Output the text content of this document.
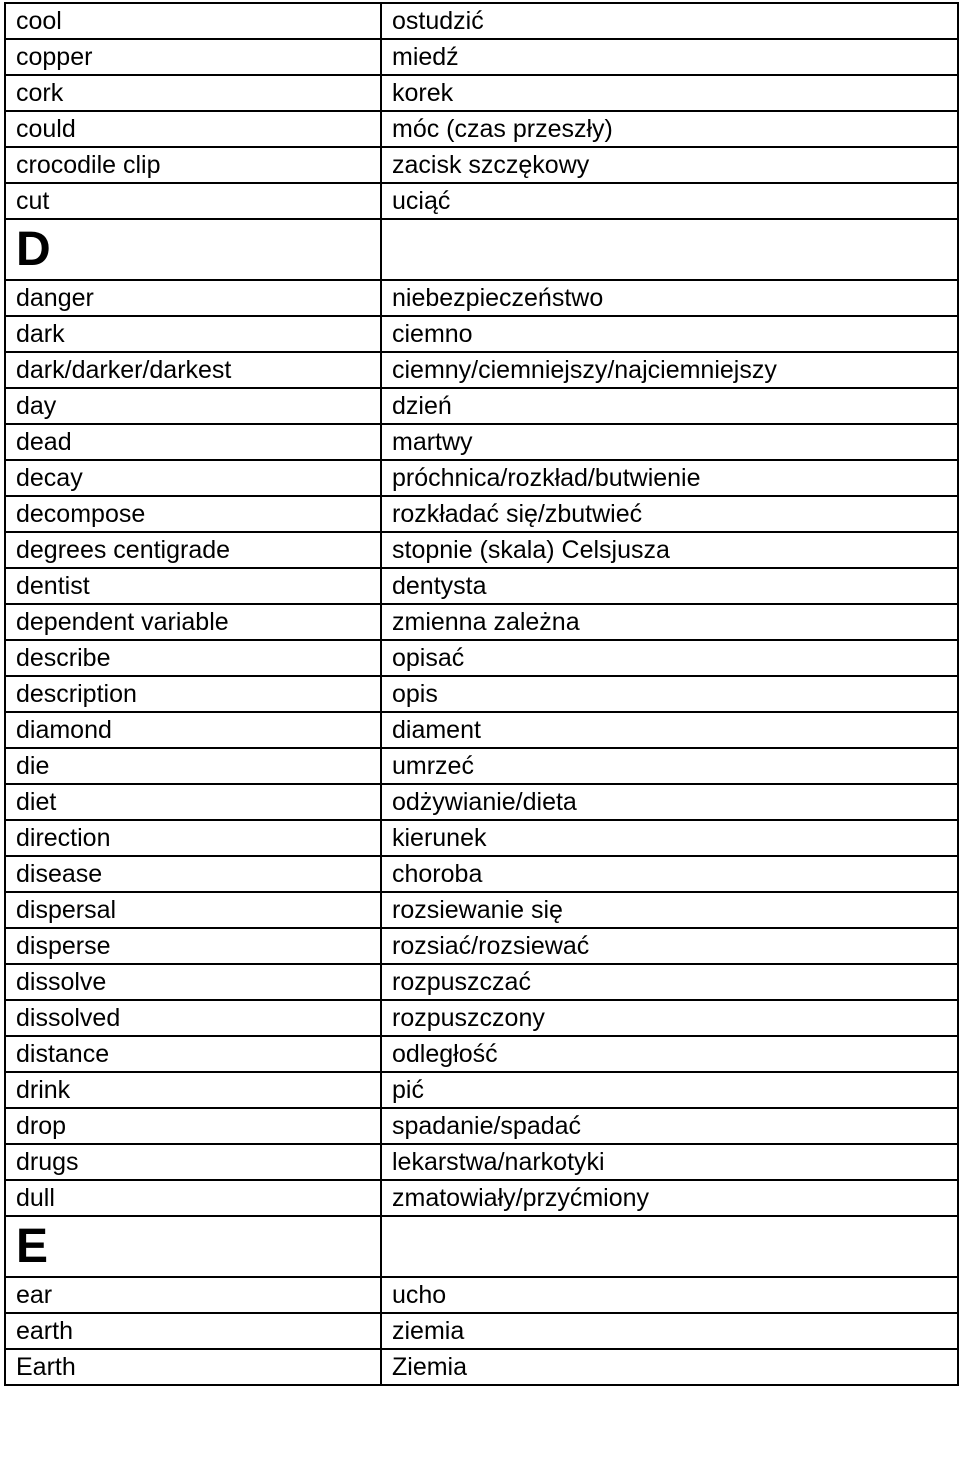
cool	ostudzić
copper	miedź
cork	korek
could	móc (czas przeszły)
crocodile clip	zacisk szczękowy
cut	uciąć
D	
danger	niebezpieczeństwo
dark	ciemno
dark/darker/darkest	ciemny/ciemniejszy/najciemniejszy
day	dzień
dead	martwy
decay	próchnica/rozkład/butwienie
decompose	rozkładać się/zbutwieć
degrees centigrade	stopnie (skala) Celsjusza
dentist	dentysta
dependent variable	zmienna zależna
describe	opisać
description	opis
diamond	diament
die	umrzeć
diet	odżywianie/dieta
direction	kierunek
disease	choroba
dispersal	rozsiewanie się
disperse	rozsiać/rozsiewać
dissolve	rozpuszczać
dissolved	rozpuszczony
distance	odległość
drink	pić
drop	spadanie/spadać
drugs	lekarstwa/narkotyki
dull	zmatowiały/przyćmiony
E	
ear	ucho
earth	ziemia
Earth	Ziemia
